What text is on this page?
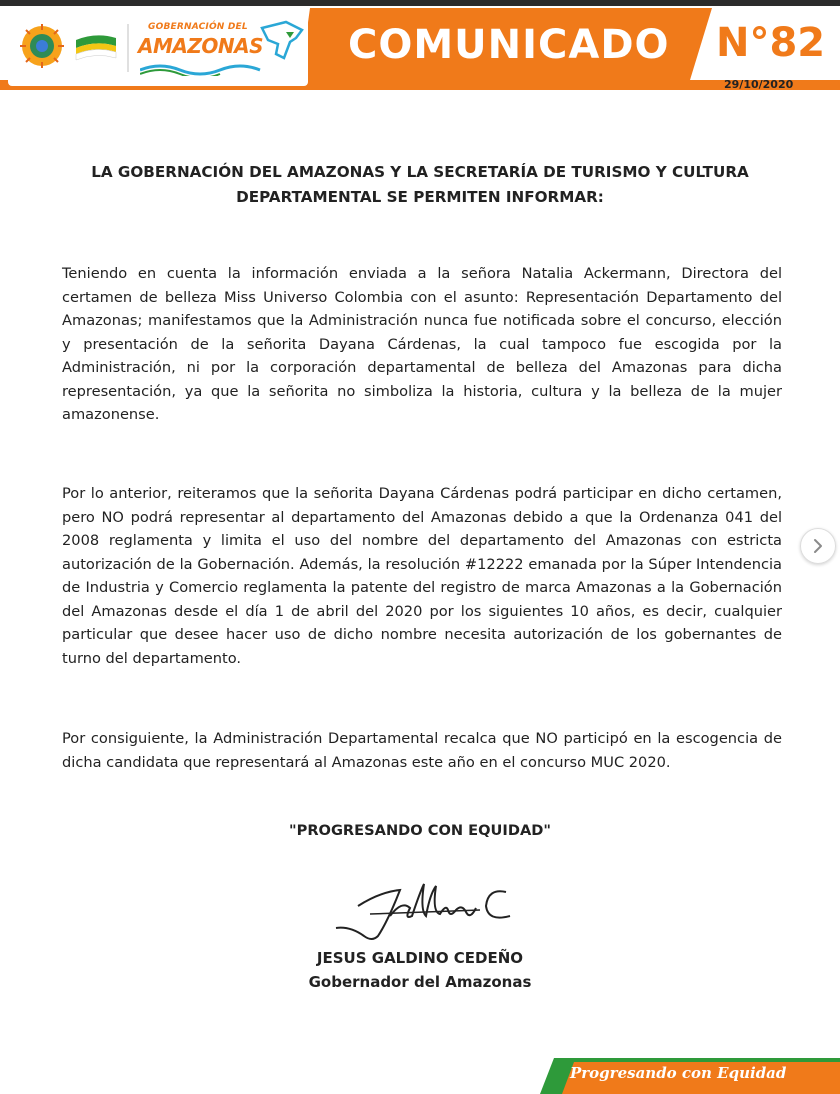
GOBERNACIÓN DEL
AMAZONAS COMUNICADO N°82
29/10/2020
LA GOBERNACIÓN DEL AMAZONAS Y LA SECRETARÍA DE TURISMO Y CULTURA
DEPARTAMENTAL SE PERMITEN INFORMAR:

Teniendo en cuenta la información enviada a la señora Natalia Ackermann, Directora del certamen de belleza Miss Universo Colombia con el asunto: Representación Departamento del Amazonas; manifestamos que la Administración nunca fue notificada sobre el concurso, elección y presentación de la señorita Dayana Cárdenas, la cual tampoco fue escogida por la Administración, ni por la corporación departamental de belleza del Amazonas para dicha representación, ya que la señorita no simboliza la historia, cultura y la belleza de la mujer amazonense.

Por lo anterior, reiteramos que la señorita Dayana Cárdenas podrá participar en dicho certamen, pero NO podrá representar al departamento del Amazonas debido a que la Ordenanza 041 del 2008 reglamenta y limita el uso del nombre del departamento del Amazonas con estricta autorización de la Gobernación. Además, la resolución #12222 emanada por la Súper Intendencia de Industria y Comercio reglamenta la patente del registro de marca Amazonas a la Gobernación del Amazonas desde el día 1 de abril del 2020 por los siguientes 10 años, es decir, cualquier particular que desee hacer uso de dicho nombre necesita autorización de los gobernantes de turno del departamento.

Por consiguiente, la Administración Departamental recalca que NO participó en la escogencia de dicha candidata que representará al Amazonas este año en el concurso MUC 2020.

"PROGRESANDO CON EQUIDAD"
JESUS GALDINO CEDEÑO
Gobernador del Amazonas
Progresando con Equidad
